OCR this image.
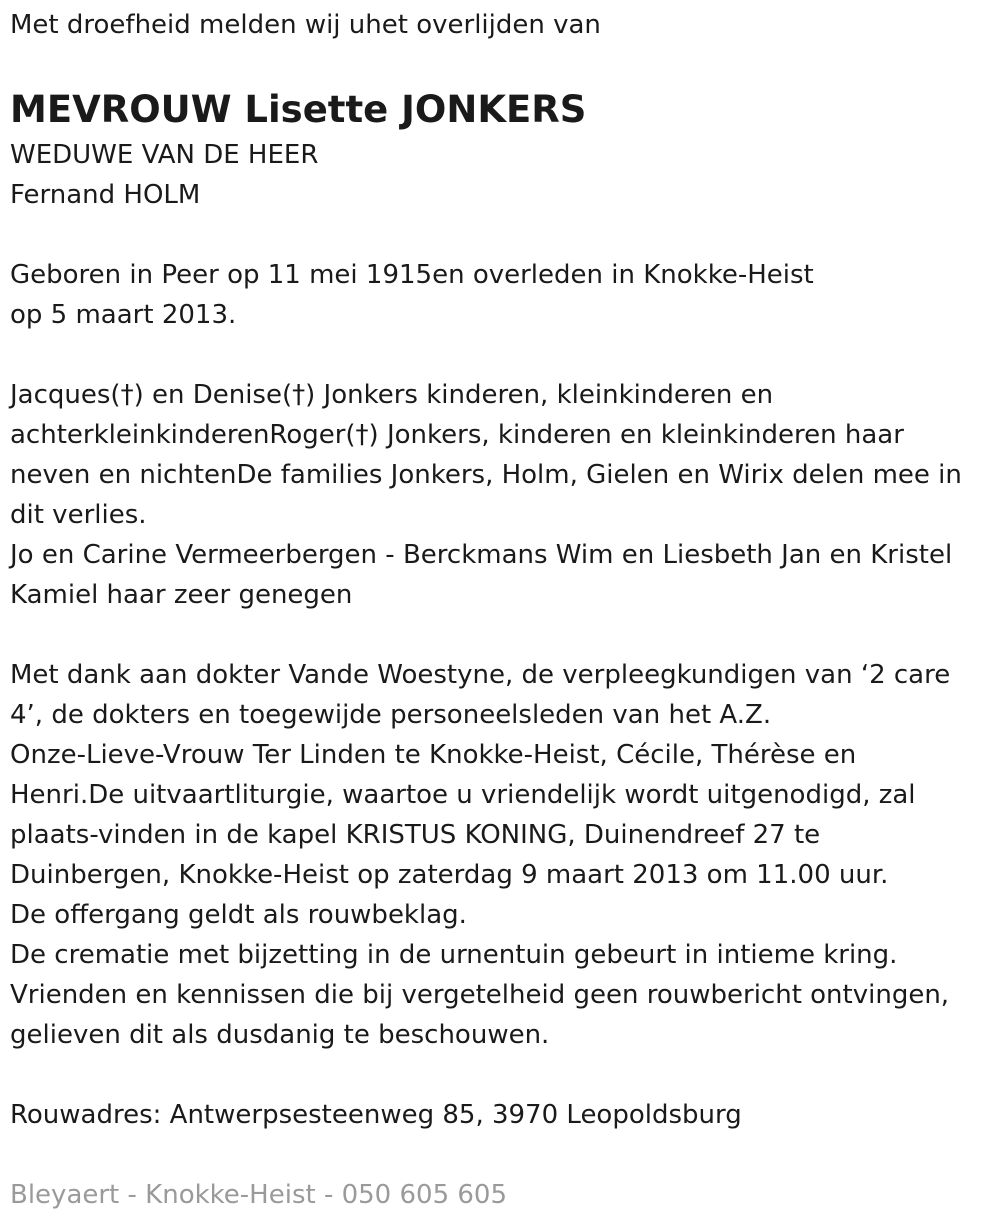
Met droefheid melden wij uhet overlijden van

MEVROUW Lisette JONKERS

WEDUWE VAN DE HEER

Fernand HOLM

Geboren in Peer op 11 mei 1915en overleden in Knokke-Heist

op 5 maart 2013.

Jacques(†) en Denise(†) Jonkers kinderen, kleinkinderen en

achterkleinkinderenRoger(†) Jonkers, kinderen en kleinkinderen haar

neven en nichtenDe families Jonkers, Holm, Gielen en Wirix delen mee in

dit verlies.

Jo en Carine Vermeerbergen - Berckmans Wim en Liesbeth Jan en Kristel

Kamiel haar zeer genegen

Met dank aan dokter Vande Woestyne, de verpleegkundigen van ‘2 care

4’, de dokters en toegewijde personeelsleden van het A.Z.

Onze-Lieve-Vrouw Ter Linden te Knokke-Heist, Cécile, Thérèse en

Henri.De uitvaartliturgie, waartoe u vriendelijk wordt uitgenodigd, zal

plaats-vinden in de kapel KRISTUS KONING, Duinendreef 27 te

Duinbergen, Knokke-Heist op zaterdag 9 maart 2013 om 11.00 uur.

De offergang geldt als rouwbeklag.

De crematie met bijzetting in de urnentuin gebeurt in intieme kring.

Vrienden en kennissen die bij vergetelheid geen rouwbericht ontvingen,

gelieven dit als dusdanig te beschouwen.

Rouwadres: Antwerpsesteenweg 85, 3970 Leopoldsburg

Bleyaert - Knokke-Heist - 050 605 605
